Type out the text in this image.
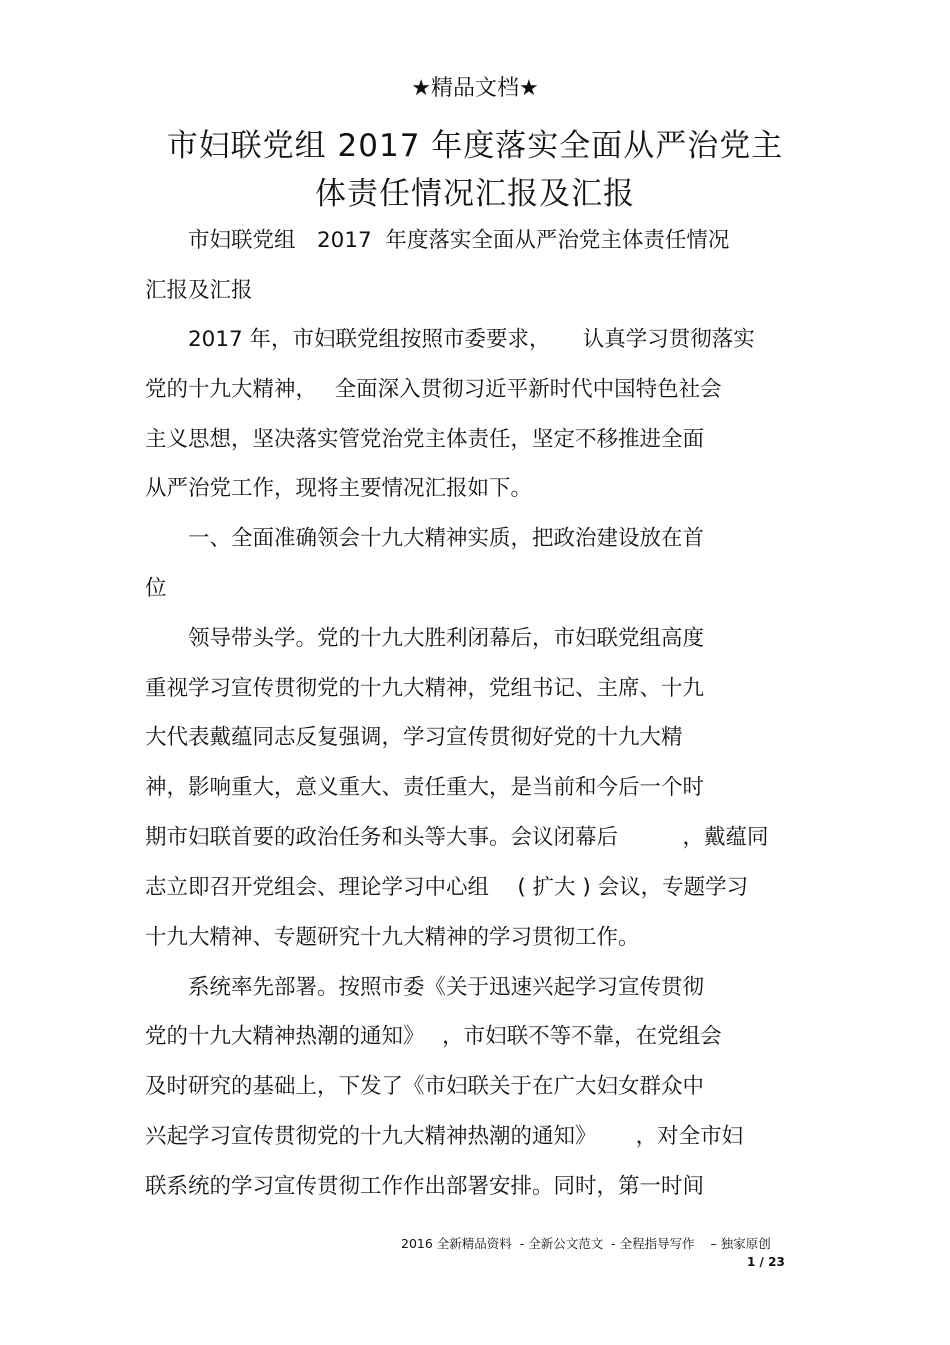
★精品文档★
市妇联党组 2017 年度落实全面从严治党主
体责任情况汇报及汇报
　　市妇联党组　2017  年度落实全面从严治党主体责任情况
汇报及汇报
　　2017 年，市妇联党组按照市委要求，　　认真学习贯彻落实
党的十九大精神，　 全面深入贯彻习近平新时代中国特色社会
主义思想，坚决落实管党治党主体责任，坚定不移推进全面
从严治党工作，现将主要情况汇报如下。
　　一、全面准确领会十九大精神实质，把政治建设放在首
位
　　领导带头学。党的十九大胜利闭幕后，市妇联党组高度
重视学习宣传贯彻党的十九大精神，党组书记、主席、十九
大代表戴蕴同志反复强调，学习宣传贯彻好党的十九大精
神，影响重大，意义重大、责任重大，是当前和今后一个时
期市妇联首要的政治任务和头等大事。会议闭幕后　　　，戴蕴同
志立即召开党组会、理论学习中心组　 ( 扩大 ) 会议，专题学习
十九大精神、专题研究十九大精神的学习贯彻工作。
　　系统率先部署。按照市委《关于迅速兴起学习宣传贯彻
党的十九大精神热潮的通知》　 ，市妇联不等不靠，在党组会
及时研究的基础上，下发了《市妇联关于在广大妇女群众中
兴起学习宣传贯彻党的十九大精神热潮的通知》　　 ，对全市妇
联系统的学习宣传贯彻工作作出部署安排。同时，第一时间
2016 全新精品资料  - 全新公文范文  - 全程指导写作    – 独家原创
1 / 23
